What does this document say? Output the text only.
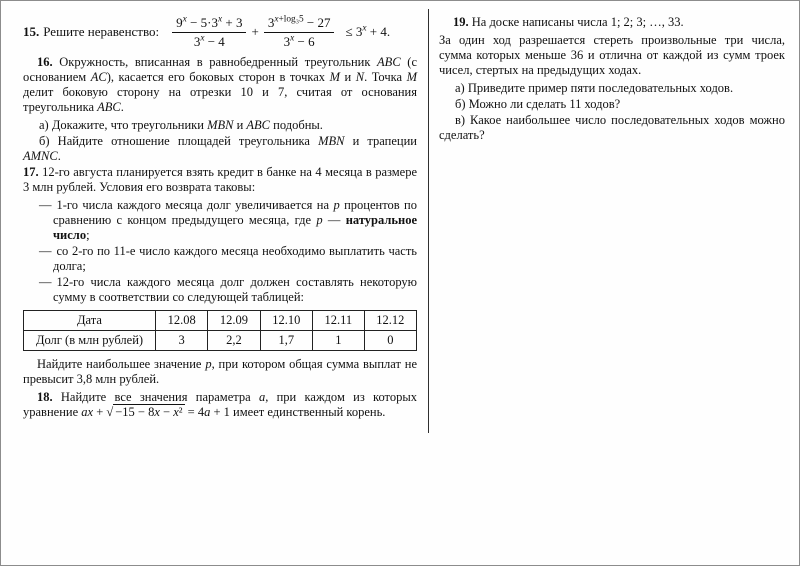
15. Решите неравенство: $\frac{9^x - 5\cdot 3^x + 3}{3^x - 4} + \frac{3^{x+log_35} - 27}{3^x - 6} \le 3^x + 4$.

16. Окружность, вписанная в равнобедренный треугольник ABC (с основанием AC), касается его боковых сторон в точках M и N. Точка M делит боковую сторону на отрезки 10 и 7, считая от основания треугольника ABC.

а) Докажите, что треугольники MBN и ABC подобны.

б) Найдите отношение площадей треугольника MBN и трапеции AMNC.

17. 12-го августа планируется взять кредит в банке на 4 месяца в размере 3 млн рублей. Условия его возврата таковы:

— 1-го числа каждого месяца долг увеличивается на p процентов по сравнению с концом предыдущего месяца, где p — натуральное число;
— со 2-го по 11-е число каждого месяца необходимо выплатить часть долга;
— 12-го числа каждого месяца долг должен составлять некоторую сумму в соответствии со следующей таблицей:
Дата	12.08	12.09	12.10	12.11	12.12
Долг (в млн рублей)	3	2,2	1,7	1	0

Найдите наибольшее значение p, при котором общая сумма выплат не превысит 3,8 млн рублей.

18. Найдите все значения параметра a, при каждом из которых уравнение ax + √ −15 − 8x − x² = 4a + 1 имеет единственный корень.

19. На доске написаны числа 1; 2; 3; …, 33.

За один ход разрешается стереть произвольные три числа, сумма которых меньше 36 и отлична от каждой из сумм троек чисел, стертых на предыдущих ходах.

а) Приведите пример пяти последовательных ходов.

б) Можно ли сделать 11 ходов?

в) Какое наибольшее число последовательных ходов можно сделать?
